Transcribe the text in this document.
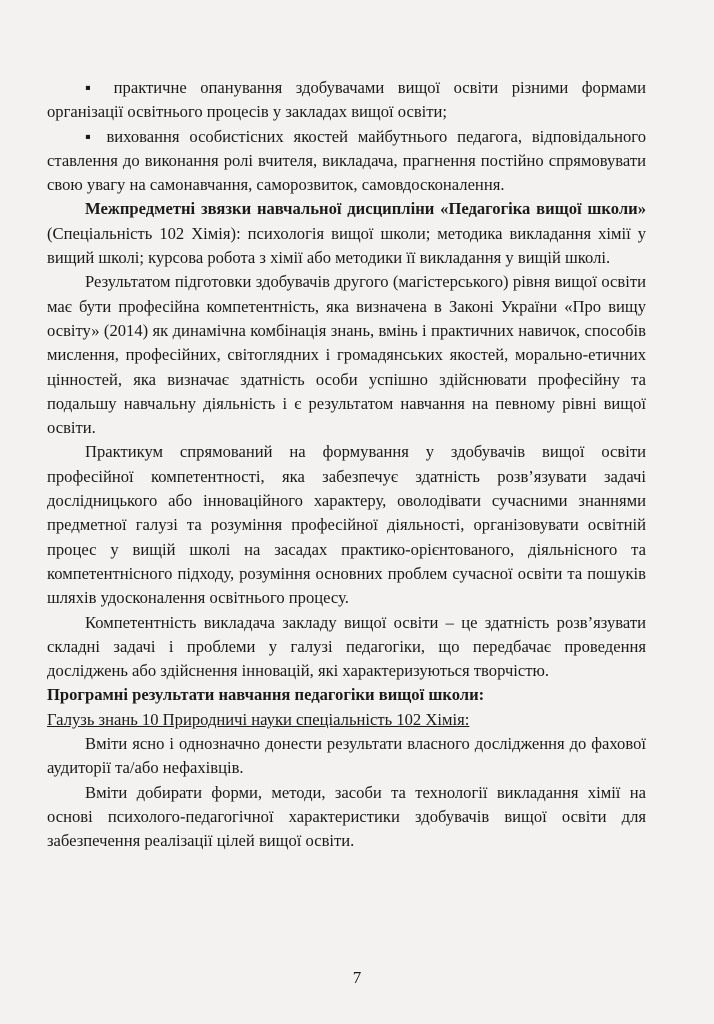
▪ практичне опанування здобувачами вищої освіти різними формами організації освітнього процесів у закладах вищої освіти;

▪ виховання особистісних якостей майбутнього педагога, відповідального ставлення до виконання ролі вчителя, викладача, прагнення постійно спрямовувати свою увагу на самонавчання, саморозвиток, самовдосконалення.

Межпредметні звязки навчальної дисципліни «Педагогіка вищої школи» (Спеціальність 102 Хімія): психологія вищої школи; методика викладання хімії у вищий школі; курсова робота з хімії або методики її викладання у вищій школі.

Результатом підготовки здобувачів другого (магістерського) рівня вищої освіти має бути професійна компетентність, яка визначена в Законі України «Про вищу освіту» (2014) як динамічна комбінація знань, вмінь і практичних навичок, способів мислення, професійних, світоглядних і громадянських якостей, морально-етичних цінностей, яка визначає здатність особи успішно здійснювати професійну та подальшу навчальну діяльність і є результатом навчання на певному рівні вищої освіти.

Практикум спрямований на формування у здобувачів вищої освіти професійної компетентності, яка забезпечує здатність розв’язувати задачі дослідницького або інноваційного характеру, оволодівати сучасними знаннями предметної галузі та розуміння професійної діяльності, організовувати освітній процес у вищій школі на засадах практико-орієнтованого, діяльнісного та компетентнісного підходу, розуміння основних проблем сучасної освіти та пошуків шляхів удосконалення освітнього процесу.

Компетентність викладача закладу вищої освіти – це здатність розв’язувати складні задачі і проблеми у галузі педагогіки, що передбачає проведення досліджень або здійснення інновацій, які характеризуються творчістю.

Програмні результати навчання педагогіки вищої школи:

Галузь знань 10 Природничі науки спеціальність 102 Хімія:

Вміти ясно і однозначно донести результати власного дослідження до фахової аудиторії та/або нефахівців.

Вміти добирати форми, методи, засоби та технології викладання хімії на основі психолого-педагогічної характеристики здобувачів вищої освіти для забезпечення реалізації цілей вищої освіти.

7
